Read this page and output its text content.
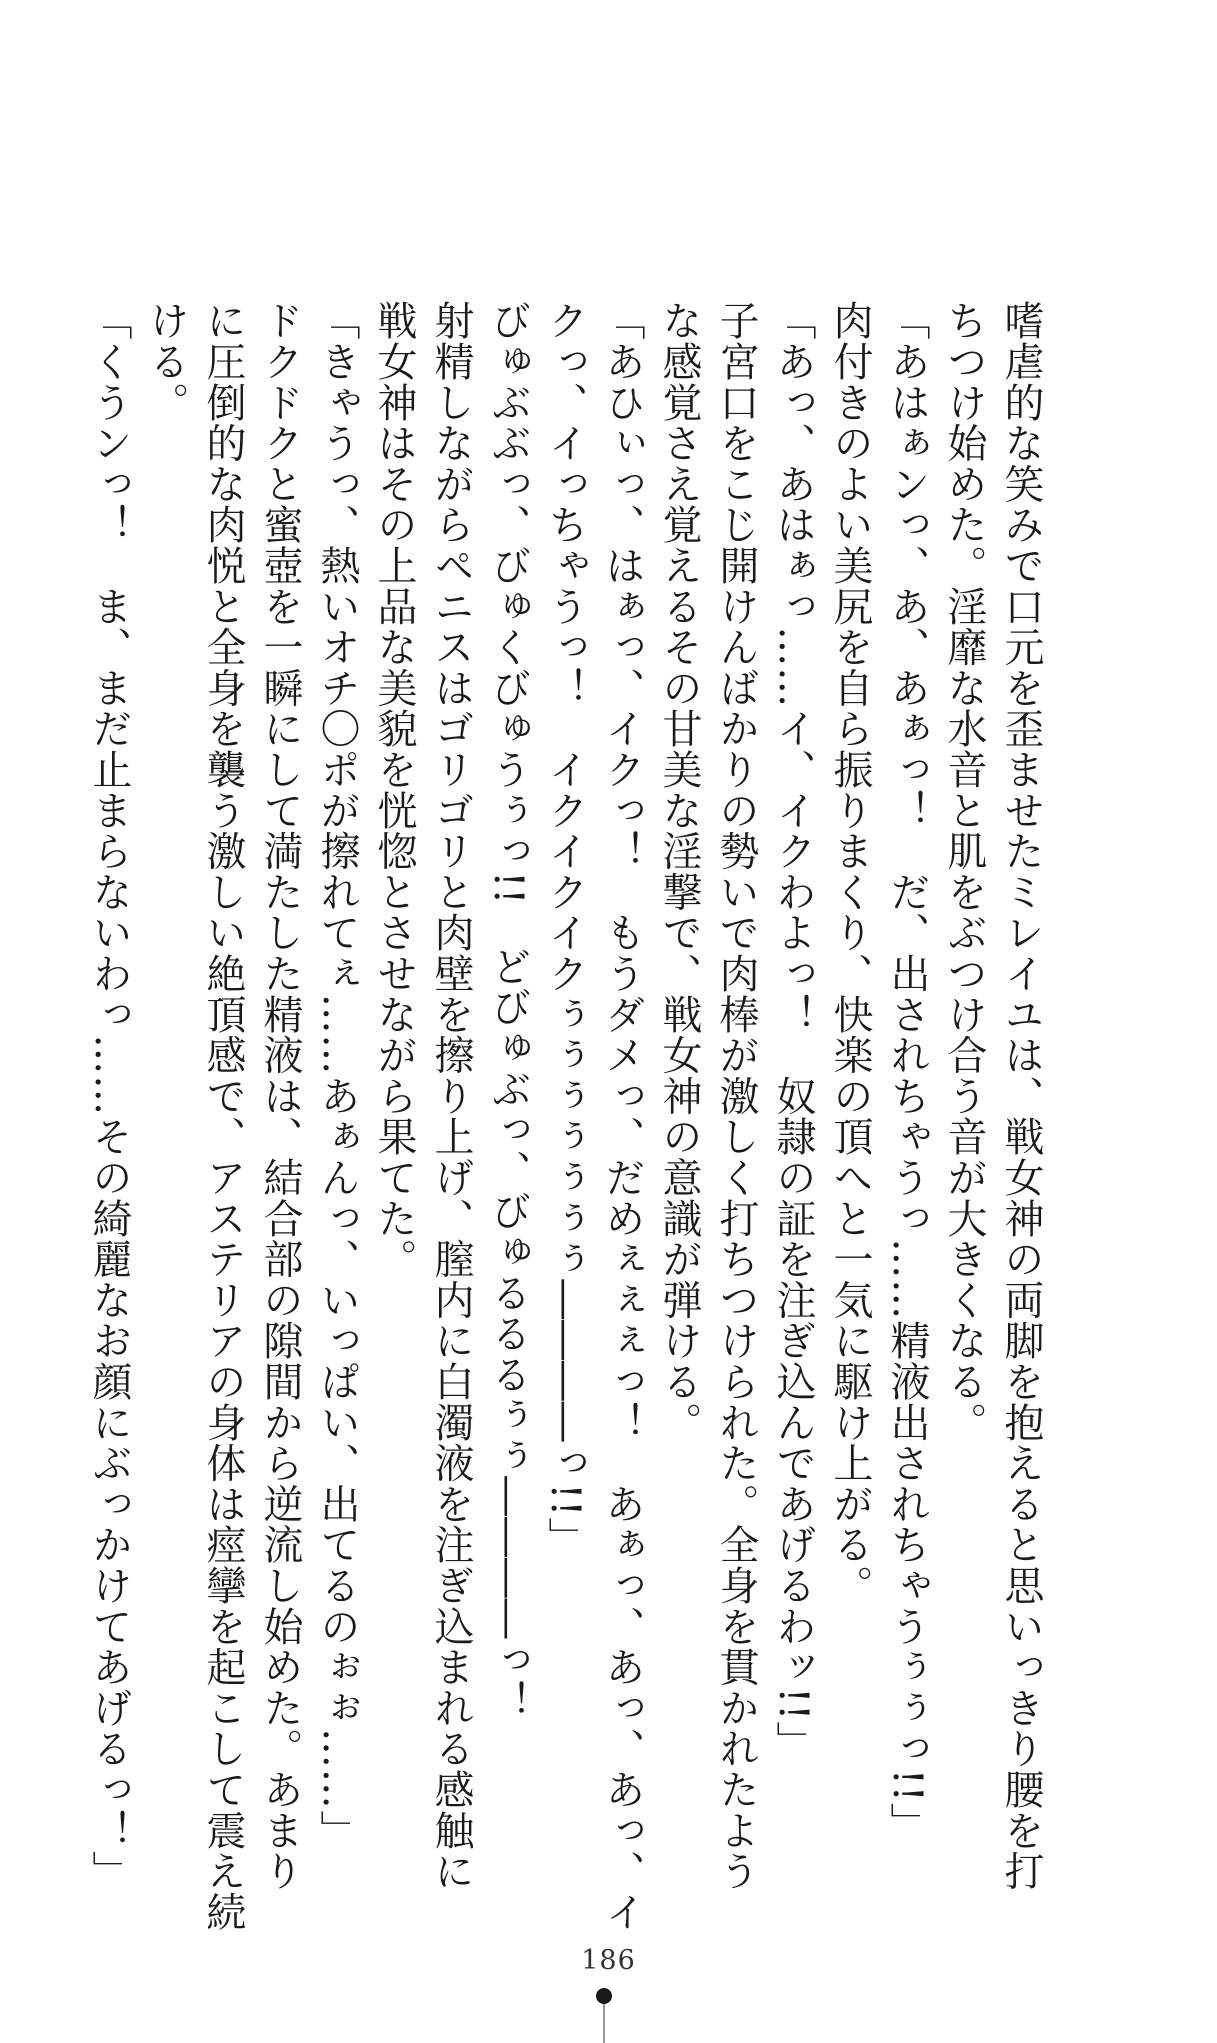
嗜虐的な笑みで口元を歪ませたミレイユは、戦女神の両脚を抱えると思いっきり腰を打
ちつけ始めた。淫靡な水音と肌をぶつけ合う音が大きくなる。
「あはぁンっ、あ、あぁっ！　だ、出されちゃうっ……精液出されちゃうぅぅっ!!」
肉付きのよい美尻を自ら振りまくり、快楽の頂へと一気に駆け上がる。
「あっ、あはぁっ……イ、イクわよっ！　奴隷の証を注ぎ込んであげるわッ!!」
子宮口をこじ開けんばかりの勢いで肉棒が激しく打ちつけられた。全身を貫かれたよう
な感覚さえ覚えるその甘美な淫撃で、戦女神の意識が弾ける。
「あひぃっ、はぁっ、イクっ！　もうダメっ、だめぇぇぇっ！　あぁっ、あっ、あっ、イ
クっ、イっちゃうっ！　イクイクイクぅぅぅぅぅぅぅ――――っ!!」
びゅぶぶっ、びゅくびゅうぅっ!!　どびゅぶっ、びゅるるるぅぅ――――っ！
射精しながらペニスはゴリゴリと肉壁を擦り上げ、膣内に白濁液を注ぎ込まれる感触に
戦女神はその上品な美貌を恍惚とさせながら果てた。
「きゃうっ、熱いオチ〇ポが擦れてぇ……あぁんっ、いっぱい、出てるのぉぉ……」
ドクドクと蜜壺を一瞬にして満たした精液は、結合部の隙間から逆流し始めた。あまり
に圧倒的な肉悦と全身を襲う激しい絶頂感で、アステリアの身体は痙攣を起こして震え続
ける。
「くうンっ！　ま、まだ止まらないわっ……その綺麗なお顔にぶっかけてあげるっ！」
186
